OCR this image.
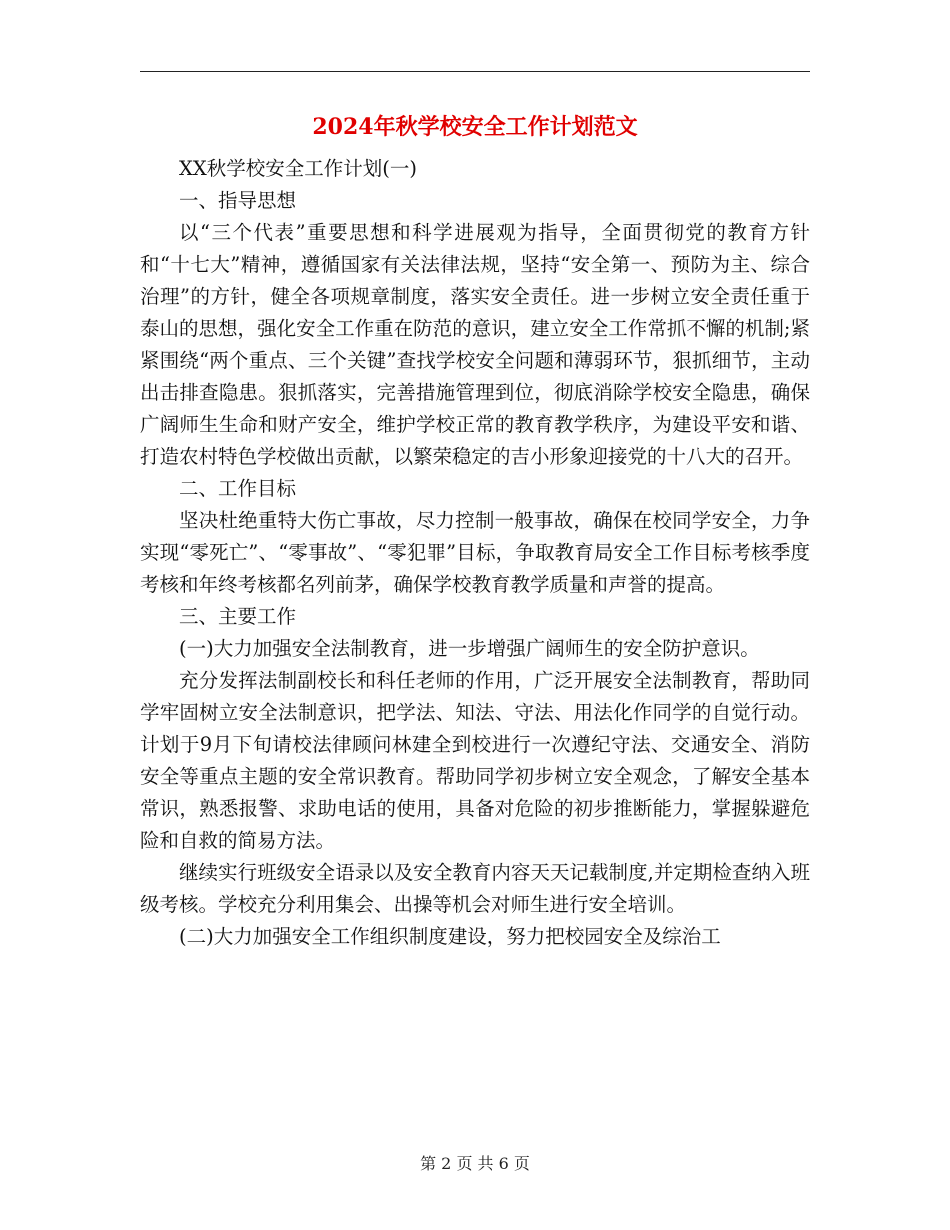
2024年秋学校安全工作计划范文

XX秋学校安全工作计划(一)

一、指导思想

以“三个代表”重要思想和科学进展观为指导，全面贯彻党的教育方针和“十七大”精神，遵循国家有关法律法规，坚持“安全第一、预防为主、综合治理”的方针，健全各项规章制度，落实安全责任。进一步树立安全责任重于泰山的思想，强化安全工作重在防范的意识，建立安全工作常抓不懈的机制;紧紧围绕“两个重点、三个关键”查找学校安全问题和薄弱环节，狠抓细节，主动出击排查隐患。狠抓落实，完善措施管理到位，彻底消除学校安全隐患，确保广阔师生生命和财产安全，维护学校正常的教育教学秩序，为建设平安和谐、打造农村特色学校做出贡献，以繁荣稳定的吉小形象迎接党的十八大的召开。

二、工作目标

坚决杜绝重特大伤亡事故，尽力控制一般事故，确保在校同学安全，力争实现“零死亡”、“零事故”、“零犯罪”目标，争取教育局安全工作目标考核季度考核和年终考核都名列前茅，确保学校教育教学质量和声誉的提高。

三、主要工作

(一)大力加强安全法制教育，进一步增强广阔师生的安全防护意识。

充分发挥法制副校长和科任老师的作用，广泛开展安全法制教育，帮助同学牢固树立安全法制意识，把学法、知法、守法、用法化作同学的自觉行动。计划于9月下旬请校法律顾问林建全到校进行一次遵纪守法、交通安全、消防安全等重点主题的安全常识教育。帮助同学初步树立安全观念，了解安全基本常识，熟悉报警、求助电话的使用，具备对危险的初步推断能力，掌握躲避危险和自救的简易方法。

继续实行班级安全语录以及安全教育内容天天记载制度,并定期检查纳入班级考核。学校充分利用集会、出操等机会对师生进行安全培训。

(二)大力加强安全工作组织制度建设，努力把校园安全及综治工

第 2 页 共 6 页
